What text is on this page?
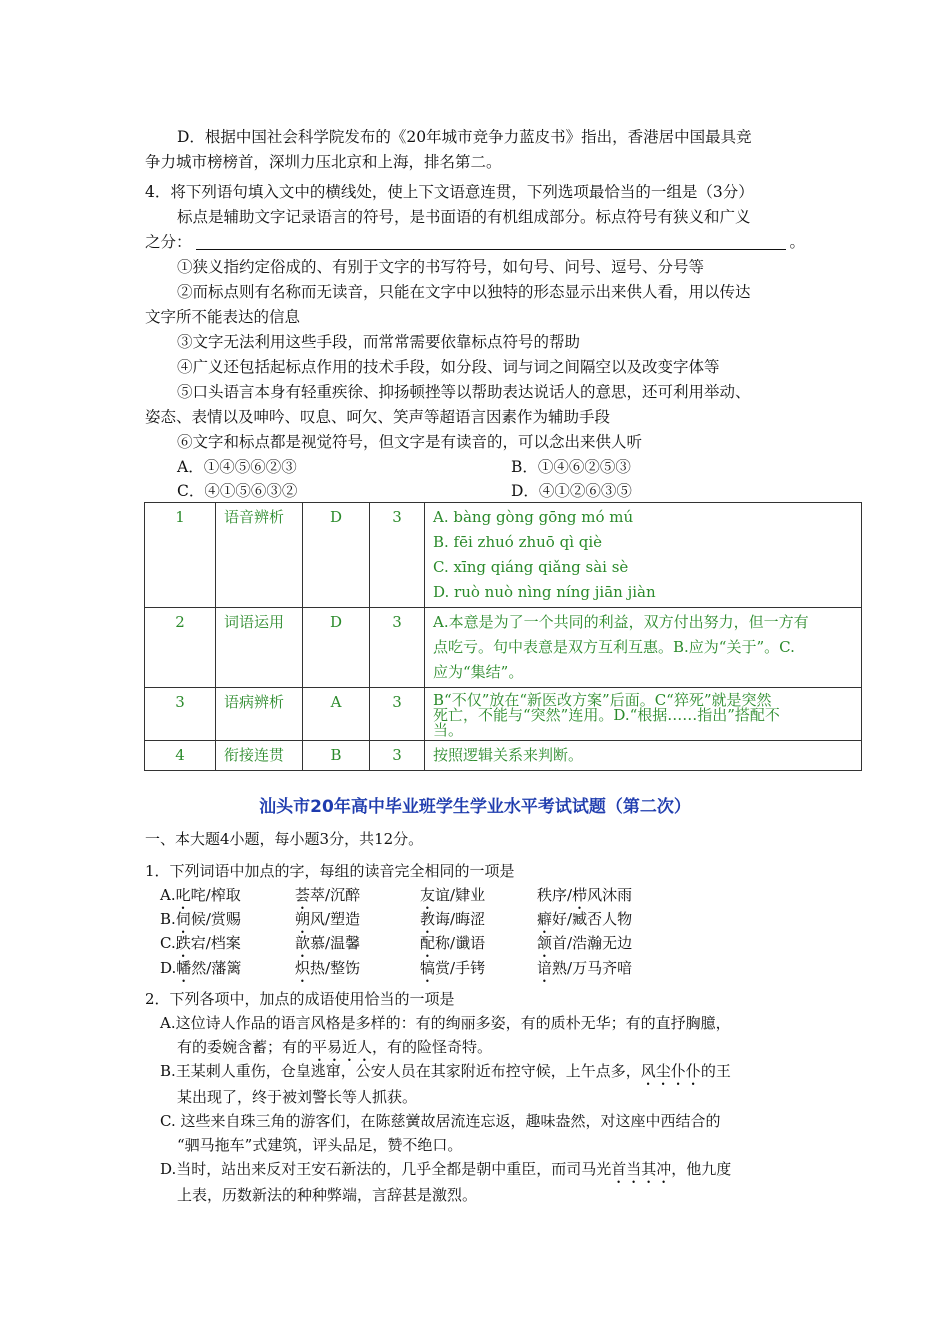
D．根据中国社会科学院发布的《20年城市竞争力蓝皮书》指出，香港居中国最具竞
争力城市榜榜首，深圳力压北京和上海，排名第二。
4．将下列语句填入文中的横线处，使上下文语意连贯，下列选项最恰当的一组是（3分）
标点是辅助文字记录语言的符号，是书面语的有机组成部分。标点符号有狭义和广义
之分：	。
①狭义指约定俗成的、有别于文字的书写符号，如句号、问号、逗号、分号等
②而标点则有名称而无读音，只能在文字中以独特的形态显示出来供人看，用以传达
文字所不能表达的信息
③文字无法利用这些手段，而常常需要依靠标点符号的帮助
④广义还包括起标点作用的技术手段，如分段、词与词之间隔空以及改变字体等
⑤口头语言本身有轻重疾徐、抑扬顿挫等以帮助表达说话人的意思，还可利用举动、
姿态、表情以及呻吟、叹息、呵欠、笑声等超语言因素作为辅助手段
⑥文字和标点都是视觉符号，但文字是有读音的，可以念出来供人听
A．①④⑤⑥②③	B．①④⑥②⑤③
C．④①⑤⑥③②	D．④①②⑥③⑤
1	语音辨析	D	3	A. bàng gòng gōng mó mú
B. fēi zhuó zhuō qì qiè
C. xīng qiáng qiǎng sài sè
D. ruò nuò nìng níng jiān jiàn

2	词语运用	D	3	A.本意是为了一个共同的利益，双方付出努力，但一方有
点吃亏。句中表意是双方互利互惠。B.应为“关于”。C.
应为“集结”。

3	语病辨析	A	3	B“不仅”放在“新医改方案”后面。C“猝死”就是突然
死亡，不能与“突然”连用。D.“根据……指出”搭配不
当。

4	衔接连贯	B	3	按照逻辑关系来判断。
汕头市20年高中毕业班学生学业水平考试试题（第二次）
一、本大题4小题，每小题3分，共12分。
1．下列词语中加点的字，每组的读音完全相同的一项是
A.叱咤/榨取	荟萃/沉醉	友谊/肄业	秩序/栉风沐雨
B.伺候/赏赐	朔风/塑造	教诲/晦涩	癖好/臧否人物
C.跌宕/档案	歆慕/温馨	配称/谶语	颔首/浩瀚无边
D.幡然/藩篱	炽热/整饬	犒赏/手铐	谙熟/万马齐喑
2．下列各项中，加点的成语使用恰当的一项是
A.这位诗人作品的语言风格是多样的：有的绚丽多姿，有的质朴无华；有的直抒胸臆，
有的委婉含蓄；有的平易近人，有的险怪奇特。
B.王某刺人重伤，仓皇逃窜，公安人员在其家附近布控守候，上午点多，风尘仆仆的王
某出现了，终于被刘警长等人抓获。
C. 这些来自珠三角的游客们，在陈慈黉故居流连忘返，趣味盎然，对这座中西结合的
“驷马拖车”式建筑，评头品足，赞不绝口。
D.当时，站出来反对王安石新法的，几乎全都是朝中重臣，而司马光首当其冲，他九度
上表，历数新法的种种弊端，言辞甚是激烈。
